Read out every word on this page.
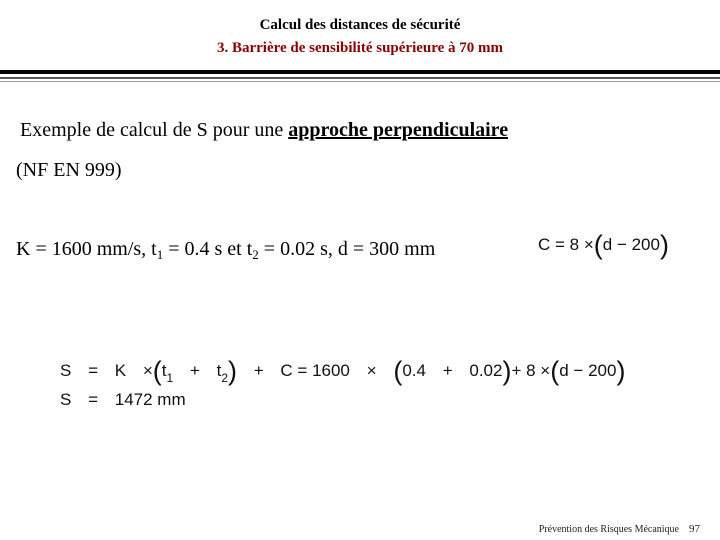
Calcul des distances de sécurité
3. Barrière de sensibilité supérieure à 70 mm
Exemple de calcul de S pour une approche perpendiculaire
(NF EN 999)
K = 1600 mm/s, $t_1 = 0.4$ s et $t_2 = 0.02$ s, d = 300 mm	C = 8 ×(d − 200)
$S = K \times(t_1 + t_2) + C = 1600 \times (0.4 + 0.02)+ 8 \times(d - 200)$
S = 1472 mm
Prévention des Risques Mécanique 97
